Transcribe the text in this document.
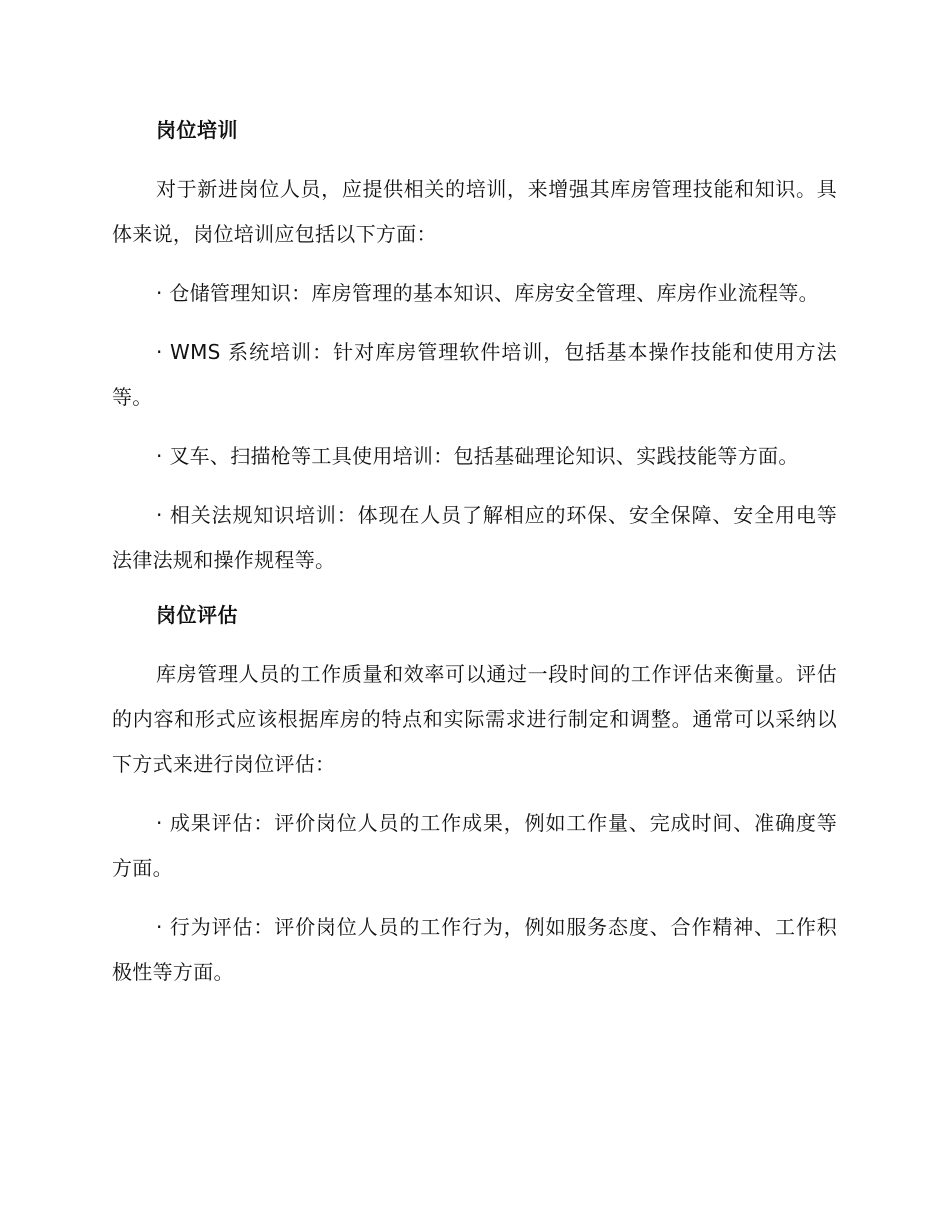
岗位培训

对于新进岗位人员，应提供相关的培训，来增强其库房管理技能和知识。具体来说，岗位培训应包括以下方面：

· 仓储管理知识：库房管理的基本知识、库房安全管理、库房作业流程等。

· WMS 系统培训：针对库房管理软件培训，包括基本操作技能和使用方法等。

· 叉车、扫描枪等工具使用培训：包括基础理论知识、实践技能等方面。

· 相关法规知识培训：体现在人员了解相应的环保、安全保障、安全用电等法律法规和操作规程等。

岗位评估

库房管理人员的工作质量和效率可以通过一段时间的工作评估来衡量。评估的内容和形式应该根据库房的特点和实际需求进行制定和调整。通常可以采纳以下方式来进行岗位评估：

· 成果评估：评价岗位人员的工作成果，例如工作量、完成时间、准确度等方面。

· 行为评估：评价岗位人员的工作行为，例如服务态度、合作精神、工作积极性等方面。
